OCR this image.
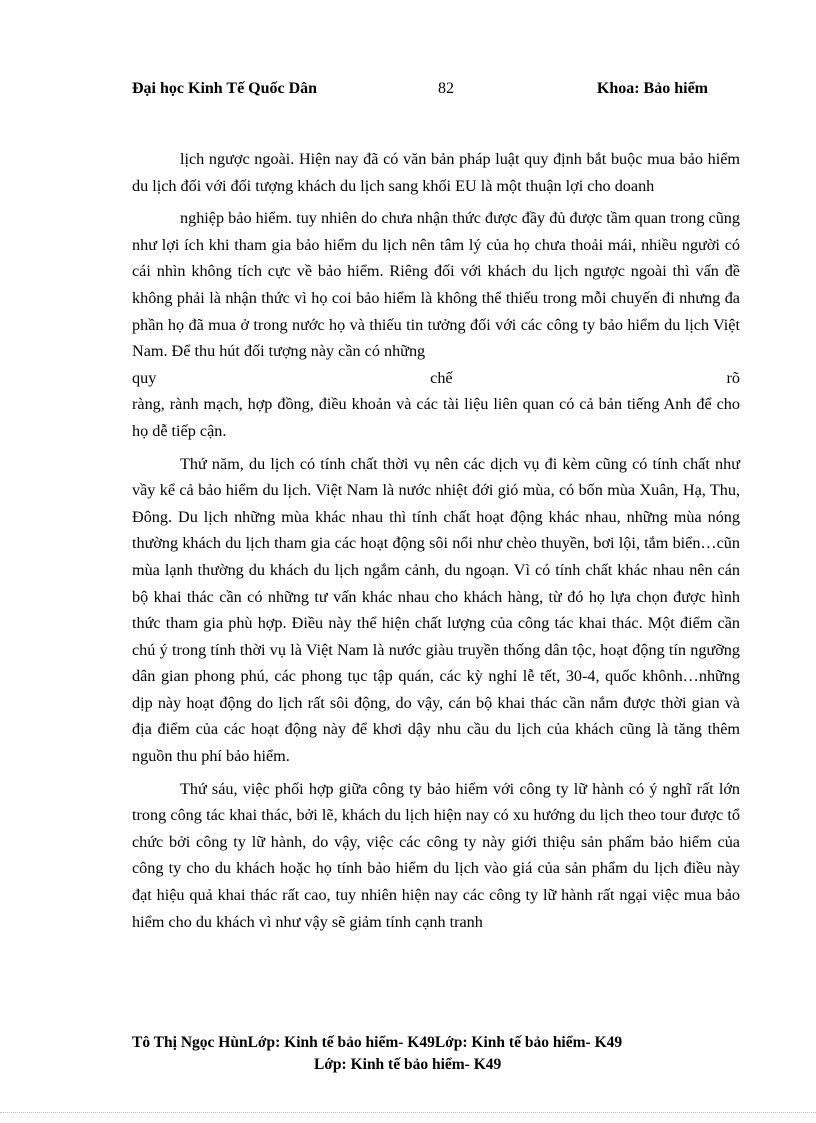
Đại học Kinh Tế Quốc Dân	82	Khoa: Bảo hiểm

lịch ngược ngoài. Hiện nay đã có văn bản pháp luật quy định bắt buộc mua bảo hiểm du lịch đối với đối tượng khách du lịch sang khối EU là một thuận lợi cho doanh

nghiệp bảo hiểm. tuy nhiên do chưa nhận thức được đầy đủ được tầm quan trong cũng như lợi ích khi tham gia bảo hiểm du lịch nên tâm lý của họ chưa thoải mái, nhiều người có cái nhìn không tích cực về bảo hiểm. Riêng đối với khách du lịch ngược ngoài thì vấn đề không phải là nhận thức vì họ coi bảo hiểm là không thể thiếu trong mỗi chuyến đi nhưng đa phần họ đã mua ở trong nước họ và thiếu tin tưởng đối với các công ty bảo hiểm du lịch Việt Nam. Để thu hút đối tượng này cần có những

quy	chế	rõ

ràng, rành mạch, hợp đồng, điều khoản và các tài liệu liên quan có cả bản tiếng Anh để cho họ dễ tiếp cận.

Thứ năm, du lịch có tính chất thời vụ nên các dịch vụ đi kèm cũng có tính chất như vầy kể cả bảo hiểm du lịch. Việt Nam là nước nhiệt đới gió mùa, có bốn mùa Xuân, Hạ, Thu, Đông. Du lịch những mùa khác nhau thì tính chất hoạt động khác nhau, những mùa nóng thường khách du lịch tham gia các hoạt động sôi nổi như chèo thuyền, bơi lội, tắm biển…cũn mùa lạnh thường du khách du lịch ngắm cảnh, du ngoạn. Vì có tính chất khác nhau nên cán bộ khai thác cần có những tư vấn khác nhau cho khách hàng, từ đó họ lựa chọn được hình thức tham gia phù hợp. Điều này thể hiện chất lượng của công tác khai thác. Một điểm cần chú ý trong tính thời vụ là Việt Nam là nước giàu truyền thống dân tộc, hoạt động tín ngưỡng dân gian phong phú, các phong tục tập quán, các kỳ nghỉ lễ tết, 30-4, quốc khônh…những dịp này hoạt động do lịch rất sôi động, do vậy, cán bộ khai thác cần nắm được thời gian và địa điểm của các hoạt động này để khơi dậy nhu cầu du lịch của khách cũng là tăng thêm nguồn thu phí bảo hiểm.

Thứ sáu, việc phối hợp giữa công ty bảo hiểm với công ty lữ hành có ý nghĩ rất lớn trong công tác khai thác, bởi lẽ, khách du lịch hiện nay có xu hướng du lịch theo tour được tổ chức bởi công ty lữ hành, do vậy, việc các công ty này giới thiệu sản phẩm bảo hiểm của công ty cho du khách hoặc họ tính bảo hiểm du lịch vào giá của sản phẩm du lịch điều này đạt hiệu quả khai thác rất cao, tuy nhiên hiện nay các công ty lữ hành rất ngại việc mua bảo hiểm cho du khách vì như vậy sẽ giảm tính cạnh tranh

Tô Thị Ngọc HùnLớp: Kinh tế bảo hiểm- K49Lớp: Kinh tế bảo hiểm- K49
Lớp: Kinh tế bảo hiểm- K49
